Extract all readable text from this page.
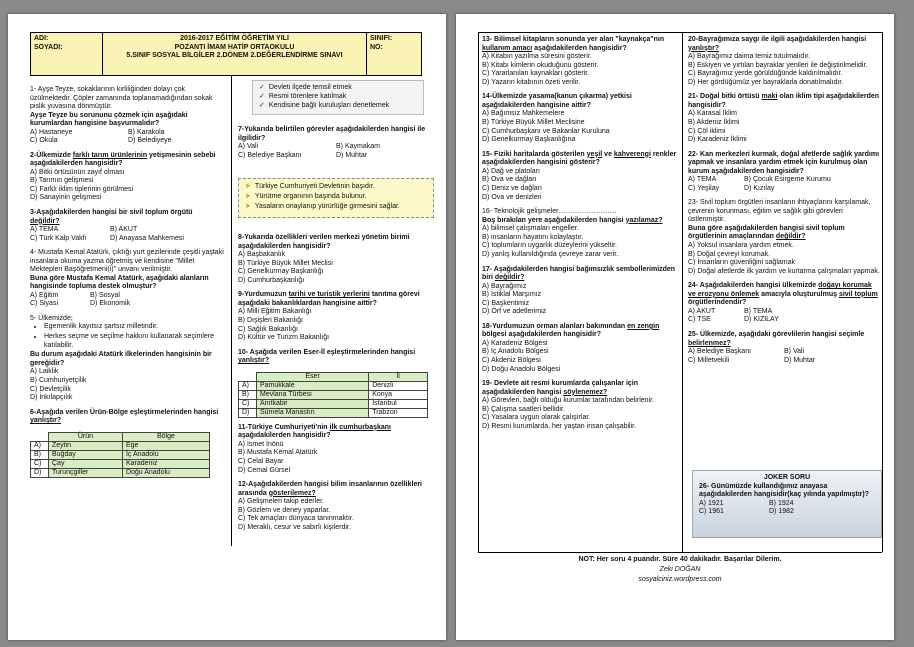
ADI:
SOYADI:
2016-2017 EĞİTİM ÖĞRETİM YILI
POZANTI İMAM HATİP ORTAOKULU
5.SINIF SOSYAL BİLGİLER 2.DÖNEM 2.DEĞERLENDİRME SINAVI
SINIFI:
NO:
1- Ayşe Teyze, sokaklarının kirliliğinden dolayı çok üzülmektedir. Çöpler zamanında toplanamadığından sokak pislik yuvasına dönmüştür.
Ayşe Teyze bu sorununu çözmek için aşağıdaki kurumlardan hangisine başvurmalıdır?
A) Hastaneye	B) Karakola
C) Okula	D) Belediyeye
2-Ülkemizde farklı tarım ürünlerinin yetişmesinin sebebi aşağıdakilerden hangisidir?
A) Bitki örtüsünün zayıf olması
B) Tarımın gelişmesi
C) Farklı iklim tiplerinin görülmesi
D) Sanayinin gelişmesi
3-Aşağıdakilerden hangisi bir sivil toplum örgütü
değildir?
A) TEMA	B) AKUT
C) Türk Kalp Vakfı	D) Anayasa Mahkemesi
4- Mustafa Kemal Atatürk, çıktığı yurt gezilerinde çeşitli yaştaki insanlara okuma yazma öğretmiş ve kendisine "Millet Mektepleri Başöğretmeni(i)" unvanı verilmiştir.
Buna göre Mustafa Kemal Atatürk, aşağıdaki alanların hangisinde topluma destek olmuştur?
A) Eğitim	B) Sosyal
C) Siyasi	D) Ekonomik
5- Ülkemizde;
• Egemenlik kayıtsız şartsız milletindir.
• Herkes seçme ve seçilme hakkını kullanarak seçimlere katılabilir.
Bu durum aşağıdaki Atatürk ilkelerinden hangisinin bir gereğidir?
A) Laiklik
B) Cumhuriyetçilik
C) Devletçilik
D) İnkılapçılık
6-Aşağıda verilen Ürün-Bölge eşleştirmelerinden hangisi yanlıştır?
	Ürün	Bölge
A)	Zeytin	Ege
B)	Buğday	İç Anadolu
C)	Çay	Karadeniz
D)	Turunçgiller	Doğu Anadolu
✓ Devleti ilçede temsil etmek
✓ Resmi törenlere katılmak
✓ Kendisine bağlı kuruluşları denetlemek
7-Yukarıda belirtilen görevler aşağıdakilerden hangisi ile ilgilidir?
A) Vali	B) Kaymakam
C) Belediye Başkanı	D) Muhtar
➤ Türkiye Cumhuriyeti Devletinin başıdır.
➤ Yürütme organının başında bulunur.
➤ Yasaların onaylanıp yürürlüğe girmesini sağlar.
8-Yukarıda özellikleri verilen merkezi yönetim birimi aşağıdakilerden hangisidir?
A) Başbakanlık
B) Türkiye Büyük Millet Meclisi
C) Genelkurmay Başkanlığı
D) Cumhurbaşkanlığı
9-Yurdumuzun tarihi ve turistik yerlerini tanıtma görevi aşağıdaki bakanlıklardan hangisine aittir?
A) Milli Eğitim Bakanlığı
B) Dışişleri Bakanlığı
C) Sağlık Bakanlığı
D) Kültür ve Turizm Bakanlığı
10- Aşağıda verilen Eser-İl eşleştirmelerinden hangisi yanlıştır?
	Eser	İl
A)	Pamukkale	Denizli
B)	Mevlana Türbesi	Konya
C)	Anıtkabir	İstanbul
D)	Sümela Manastırı	Trabzon
11-Türkiye Cumhuriyeti'nin ilk cumhurbaşkanı aşağıdakilerden hangisidir?
A) İsmet İnönü
B) Mustafa Kemal Atatürk
C) Celal Bayar
D) Cemal Gürsel
12-Aşağıdakilerden hangisi bilim insanlarının özellikleri arasında gösterilemez?
A) Gelişmeleri takip ederler.
B) Gözlem ve deney yaparlar.
C) Tek amaçları dünyaca tanınmaktır.
D) Meraklı, cesur ve sabırlı kişilerdir.
13- Bilimsel kitapların sonunda yer alan "kaynakça"nın kullanım amacı aşağıdakilerden hangisidir?
A) Kitabın yazılma süresini gösterir.
B) Kitabı kimlerin okuduğunu gösterir.
C) Yararlanılan kaynakları gösterir.
D) Yazarın kitabının özeti verilir.
14-Ülkemizde yasama(kanun çıkarma) yetkisi aşağıdakilerden hangisine aittir?
A) Bağımsız Mahkemelere
B) Türkiye Büyük Millet Meclisine
C) Cumhurbaşkanı ve Bakanlar Kuruluna
D) Genelkurmay Başkanlığına
15- Fiziki haritalarda gösterilen yeşil ve kahverengi renkler aşağıdakilerden hangisini gösterir?
A) Dağ ve platoları
B) Ova ve dağları
C) Deniz ve dağları
D) Ova ve denizleri
16- Teknolojik gelişmeler…………………….
Boş bırakılan yere aşağıdakilerden hangisi yazılamaz?
A) bilimsel çalışmaları engeller.
B) insanların hayatını kolaylaştır.
C) toplumların uygarlık düzeylerini yükseltir.
D) yanlış kullanıldığında çevreye zarar verir.
17- Aşağıdakilerden hangisi bağımsızlık sembollerimizden biri değildir?
A) Bayrağımız
B) İstiklal Marşımız
C) Başkentimiz
D) Örf ve adetlerimiz
18-Yurdumuzun orman alanları bakımından en zengin bölgesi aşağıdakilerden hangisidir?
A) Karadeniz Bölgesi
B) İç Anadolu Bölgesi
C) Akdeniz Bölgesi
D) Doğu Anadolu Bölgesi
19- Devlete ait resmi kurumlarda çalışanlar için aşağıdakilerden hangisi söylenemez?
A) Görevleri, bağlı olduğu kurumlar tarafından belirlenir.
B) Çalışma saatleri bellidir.
C) Yasalara uygun olarak çalışırlar.
D) Resmi kurumlarda, her yaştan insan çalışabilir.
20-Bayrağımıza saygı ile ilgili aşağıdakilerden hangisi yanlıştır?
A) Bayrağımız daima temiz tutulmalıdır.
B) Eskiyen ve yırtılan bayraklar yenileri ile değiştirilmelidir.
C) Bayrağımız yerde görüldüğünde kaldırılmalıdır.
D) Her gördüğümüz yer bayraklarla donatılmalıdır.
21- Doğal bitki örtüsü maki olan iklim tipi aşağıdakilerden hangisidir?
A) Karasal İklim
B) Akdeniz İklimi
C) Çöl iklimi
D) Karadeniz İklimi
22- Kan merkezleri kurmak, doğal afetlerde sağlık yardımı yapmak ve insanlara yardım etmek için kurulmuş olan kurum aşağıdakilerden hangisidir?
A) TEMA	B) Çocuk Esirgeme Kurumu
C) Yeşilay	D) Kızılay
23- Sivil toplum örgütleri insanların ihtiyaçlarını karşılamak, çevrenin korunması, eğitim ve sağlık gibi görevleri üstlenmiştir.
Buna göre aşağıdakilerden hangisi sivil toplum örgütlerinin amaçlarından değildir?
A) Yoksul insanlara yardım etmek.
B) Doğal çevreyi korumak.
C) İnsanların güvenliğini sağlamak
D) Doğal afetlerde ilk yardım ve kurtarma çalışmaları yapmak.
24- Aşağıdakilerden hangisi ülkemizde doğayı korumak ve erozyonu önlemek amacıyla oluşturulmuş sivil toplum örgütlerindendir?
A) AKUT	B) TEMA
C) TSE	D) KIZILAY
25- Ülkemizde, aşağıdaki görevlilerin hangisi seçimle belirlenmez?
A) Belediye Başkanı	B) Vali
C) Milletvekili	D) Muhtar
JOKER SORU
26- Günümüzde kullandığımız anayasa aşağıdakilerden hangisidir(kaç yılında yapılmıştır)?
A) 1921	B) 1924
C) 1961	D) 1982
NOT: Her soru 4 puandır. Süre 40 dakikadır. Başarılar Dilerim.
Zeki DOĞAN
sosyalciniz.wordpress.com
